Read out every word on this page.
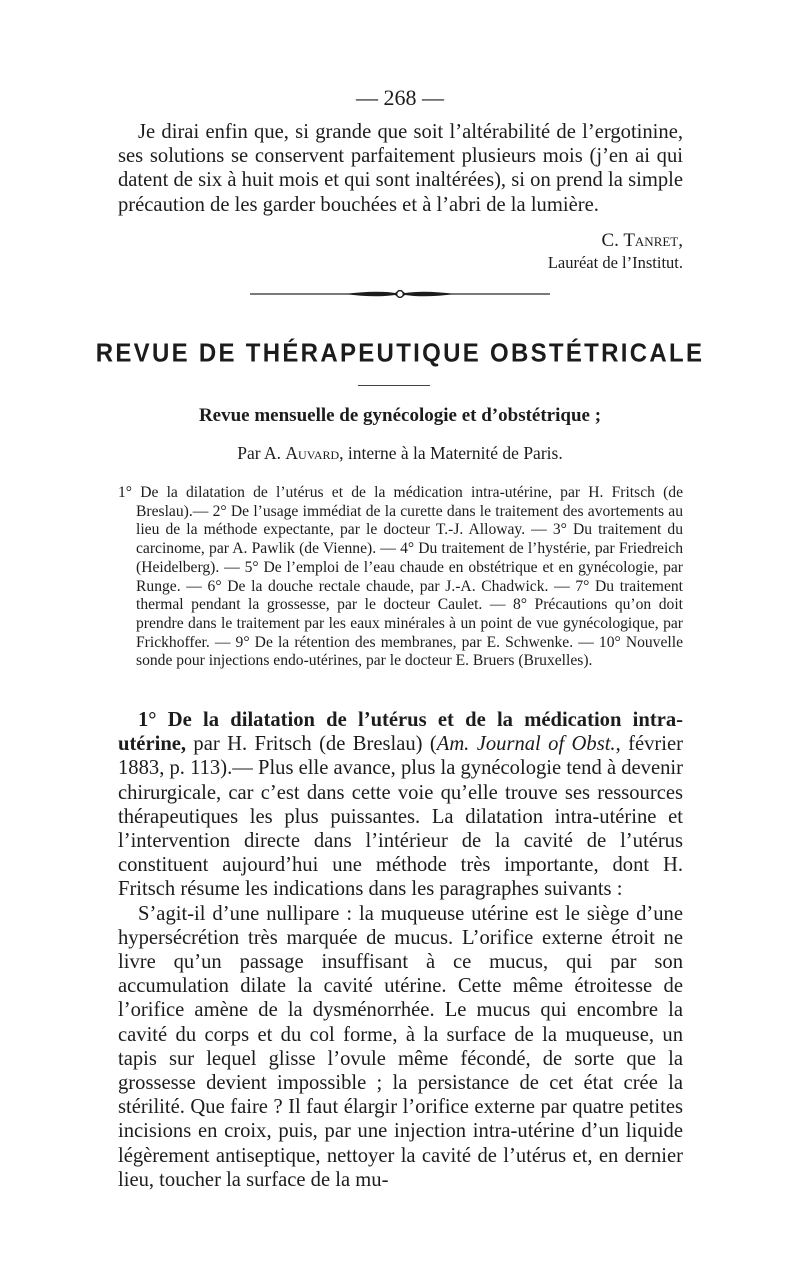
— 268 —

Je dirai enfin que, si grande que soit l’altérabilité de l’ergotinine, ses solutions se conservent parfaitement plusieurs mois (j’en ai qui datent de six à huit mois et qui sont inaltérées), si on prend la simple précaution de les garder bouchées et à l’abri de la lumière.

C. Tanret,
Lauréat de l’Institut.
REVUE DE THÉRAPEUTIQUE OBSTÉTRICALE
Revue mensuelle de gynécologie et d’obstétrique ;
Par A. Auvard, interne à la Maternité de Paris.

1° De la dilatation de l’utérus et de la médication intra-utérine, par H. Fritsch (de Breslau).— 2° De l’usage immédiat de la curette dans le traitement des avortements au lieu de la méthode expectante, par le docteur T.-J. Alloway. — 3° Du traitement du carcinome, par A. Pawlik (de Vienne). — 4° Du traitement de l’hystérie, par Friedreich (Heidelberg). — 5° De l’emploi de l’eau chaude en obstétrique et en gynécologie, par Runge. — 6° De la douche rectale chaude, par J.-A. Chadwick. — 7° Du traitement thermal pendant la grossesse, par le docteur Caulet. — 8° Précautions qu’on doit prendre dans le traitement par les eaux minérales à un point de vue gynécologique, par Frickhoffer. — 9° De la rétention des membranes, par E. Schwenke. — 10° Nouvelle sonde pour injections endo-utérines, par le docteur E. Bruers (Bruxelles).

1° De la dilatation de l’utérus et de la médication intra-utérine, par H. Fritsch (de Breslau) (Am. Journal of Obst., février 1883, p. 113).— Plus elle avance, plus la gynécologie tend à devenir chirurgicale, car c’est dans cette voie qu’elle trouve ses ressources thérapeutiques les plus puissantes. La dilatation intra-utérine et l’intervention directe dans l’intérieur de la cavité de l’utérus constituent aujourd’hui une méthode très importante, dont H. Fritsch résume les indications dans les paragraphes suivants :

S’agit-il d’une nullipare : la muqueuse utérine est le siège d’une hypersécrétion très marquée de mucus. L’orifice externe étroit ne livre qu’un passage insuffisant à ce mucus, qui par son accumulation dilate la cavité utérine. Cette même étroitesse de l’orifice amène de la dysménorrhée. Le mucus qui encombre la cavité du corps et du col forme, à la surface de la muqueuse, un tapis sur lequel glisse l’ovule même fécondé, de sorte que la grossesse devient impossible ; la persistance de cet état crée la stérilité. Que faire ? Il faut élargir l’orifice externe par quatre petites incisions en croix, puis, par une injection intra-utérine d’un liquide légèrement antiseptique, nettoyer la cavité de l’utérus et, en dernier lieu, toucher la surface de la mu-
